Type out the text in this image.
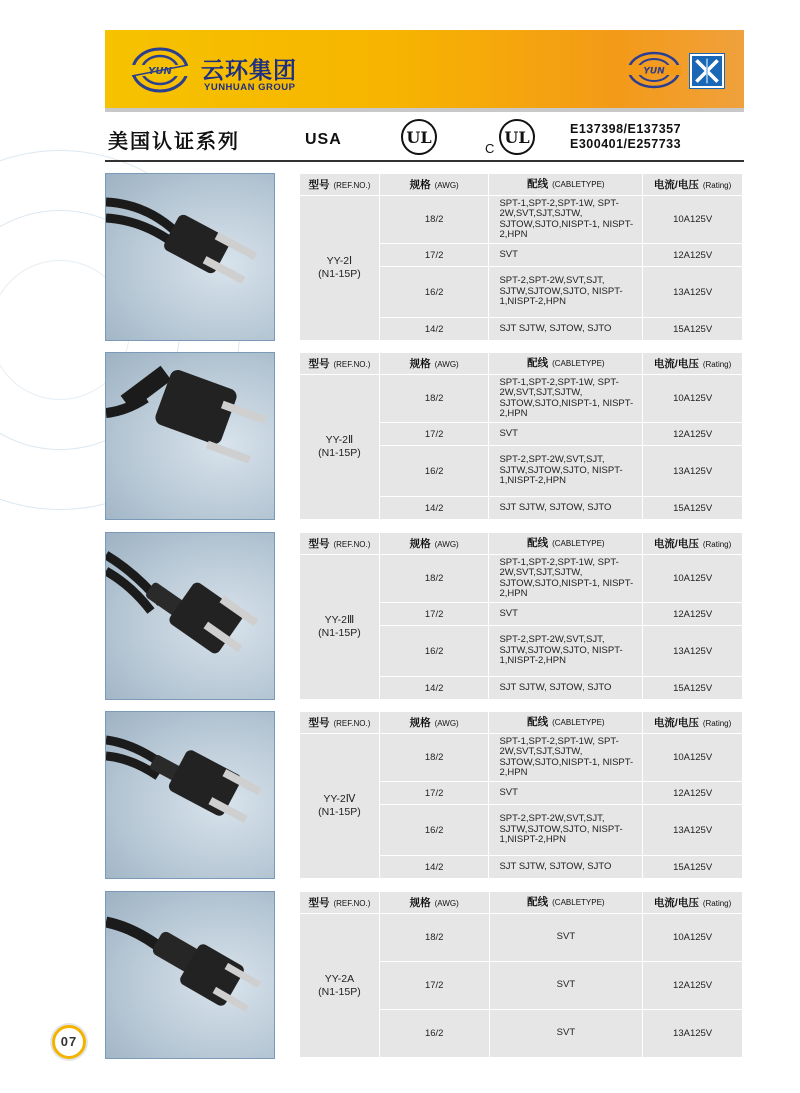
YUN 云环集团
YUNHUAN GROUP
YUN
美国认证系列	USA	UL
C
UL	E137398/E137357
E300401/E257733
型号 (REF.NO.)	规格 (AWG)	配线 (CABLETYPE)	电流/电压 (Rating)

YY-2Ⅰ
(N1-15P)	18/2	SPT-1,SPT-2,SPT-1W, SPT-2W,SVT,SJT,SJTW, SJTOW,SJTO,NISPT-1, NISPT-2,HPN	10A125V
	17/2	SVT	12A125V
	16/2	SPT-2,SPT-2W,SVT,SJT, SJTW,SJTOW,SJTO, NISPT-1,NISPT-2,HPN	13A125V
	14/2	SJT SJTW, SJTOW, SJTO	15A125V
型号 (REF.NO.)	规格 (AWG)	配线 (CABLETYPE)	电流/电压 (Rating)

YY-2Ⅱ
(N1-15P)	18/2	SPT-1,SPT-2,SPT-1W, SPT-2W,SVT,SJT,SJTW, SJTOW,SJTO,NISPT-1, NISPT-2,HPN	10A125V
	17/2	SVT	12A125V
	16/2	SPT-2,SPT-2W,SVT,SJT, SJTW,SJTOW,SJTO, NISPT-1,NISPT-2,HPN	13A125V
	14/2	SJT SJTW, SJTOW, SJTO	15A125V
型号 (REF.NO.)	规格 (AWG)	配线 (CABLETYPE)	电流/电压 (Rating)

YY-2Ⅲ
(N1-15P)	18/2	SPT-1,SPT-2,SPT-1W, SPT-2W,SVT,SJT,SJTW, SJTOW,SJTO,NISPT-1, NISPT-2,HPN	10A125V
	17/2	SVT	12A125V
	16/2	SPT-2,SPT-2W,SVT,SJT, SJTW,SJTOW,SJTO, NISPT-1,NISPT-2,HPN	13A125V
	14/2	SJT SJTW, SJTOW, SJTO	15A125V
型号 (REF.NO.)	规格 (AWG)	配线 (CABLETYPE)	电流/电压 (Rating)

YY-2Ⅳ
(N1-15P)	18/2	SPT-1,SPT-2,SPT-1W, SPT-2W,SVT,SJT,SJTW, SJTOW,SJTO,NISPT-1, NISPT-2,HPN	10A125V
	17/2	SVT	12A125V
	16/2	SPT-2,SPT-2W,SVT,SJT, SJTW,SJTOW,SJTO, NISPT-1,NISPT-2,HPN	13A125V
	14/2	SJT SJTW, SJTOW, SJTO	15A125V
型号 (REF.NO.)	规格 (AWG)	配线 (CABLETYPE)	电流/电压 (Rating)

YY-2A
(N1-15P)	18/2	SVT	10A125V
	17/2	SVT	12A125V
	16/2	SVT	13A125V
07
